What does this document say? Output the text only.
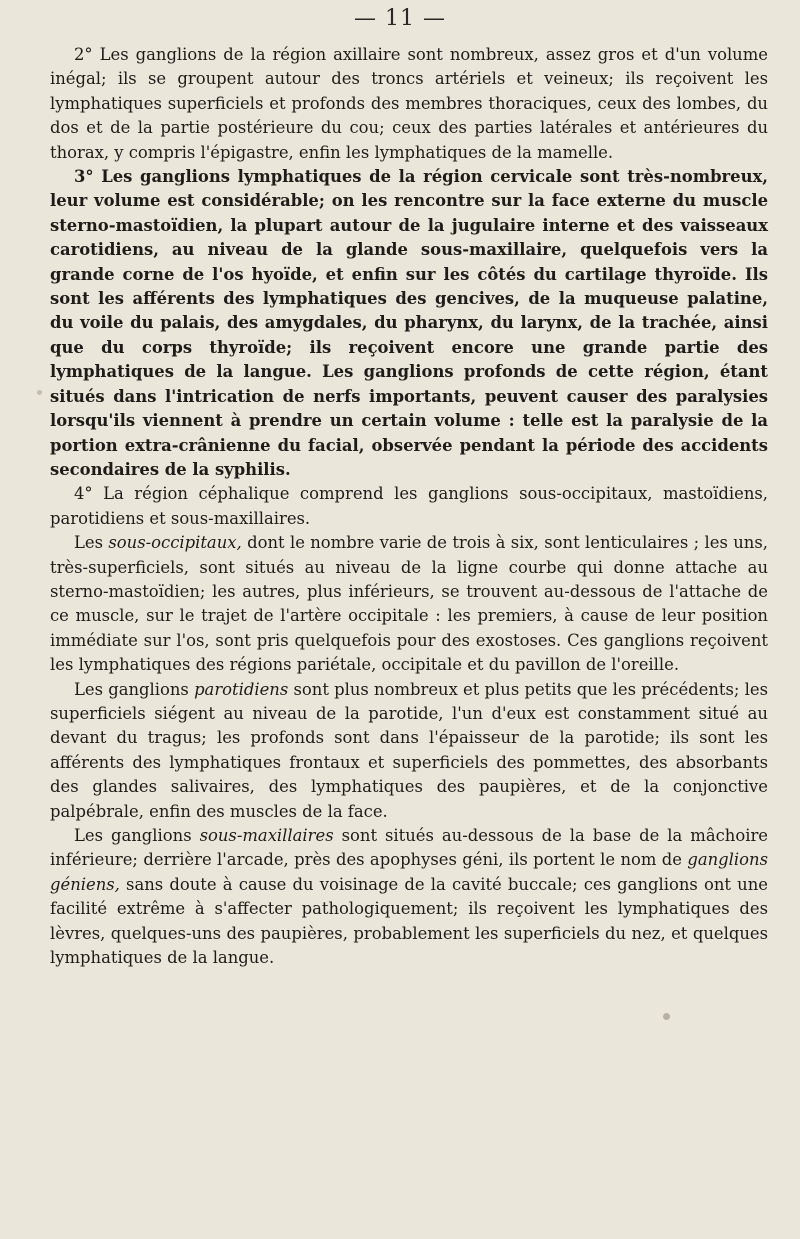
— 11 —

2° Les ganglions de la région axillaire sont nombreux, assez gros et d'un volume inégal; ils se groupent autour des troncs artériels et veineux; ils reçoivent les lymphatiques superficiels et profonds des membres thoraciques, ceux des lombes, du dos et de la partie postérieure du cou; ceux des parties latérales et antérieures du thorax, y compris l'épigastre, enfin les lymphatiques de la mamelle.

3° Les ganglions lymphatiques de la région cervicale sont très-nombreux, leur volume est considérable; on les rencontre sur la face externe du muscle sterno-mastoïdien, la plupart autour de la jugulaire interne et des vaisseaux carotidiens, au niveau de la glande sous-maxillaire, quelquefois vers la grande corne de l'os hyoïde, et enfin sur les côtés du cartilage thyroïde. Ils sont les afférents des lymphatiques des gencives, de la muqueuse palatine, du voile du palais, des amygdales, du pharynx, du larynx, de la trachée, ainsi que du corps thyroïde; ils reçoivent encore une grande partie des lymphatiques de la langue. Les ganglions profonds de cette région, étant situés dans l'intrication de nerfs importants, peuvent causer des paralysies lorsqu'ils viennent à prendre un certain volume : telle est la paralysie de la portion extra-crânienne du facial, observée pendant la période des accidents secondaires de la syphilis.

4° La région céphalique comprend les ganglions sous-occipitaux, mastoïdiens, parotidiens et sous-maxillaires.

Les sous-occipitaux, dont le nombre varie de trois à six, sont lenticulaires ; les uns, très-superficiels, sont situés au niveau de la ligne courbe qui donne attache au sterno-mastoïdien; les autres, plus inférieurs, se trouvent au-dessous de l'attache de ce muscle, sur le trajet de l'artère occipitale : les premiers, à cause de leur position immédiate sur l'os, sont pris quelquefois pour des exostoses. Ces ganglions reçoivent les lymphatiques des régions pariétale, occipitale et du pavillon de l'oreille.

Les ganglions parotidiens sont plus nombreux et plus petits que les précédents; les superficiels siégent au niveau de la parotide, l'un d'eux est constamment situé au devant du tragus; les profonds sont dans l'épaisseur de la parotide; ils sont les afférents des lymphatiques frontaux et superficiels des pommettes, des absorbants des glandes salivaires, des lymphatiques des paupières, et de la conjonctive palpébrale, enfin des muscles de la face.

Les ganglions sous-maxillaires sont situés au-dessous de la base de la mâchoire inférieure; derrière l'arcade, près des apophyses géni, ils portent le nom de ganglions géniens, sans doute à cause du voisinage de la cavité buccale; ces ganglions ont une facilité extrême à s'affecter pathologiquement; ils reçoivent les lymphatiques des lèvres, quelques-uns des paupières, probablement les superficiels du nez, et quelques lymphatiques de la langue.
